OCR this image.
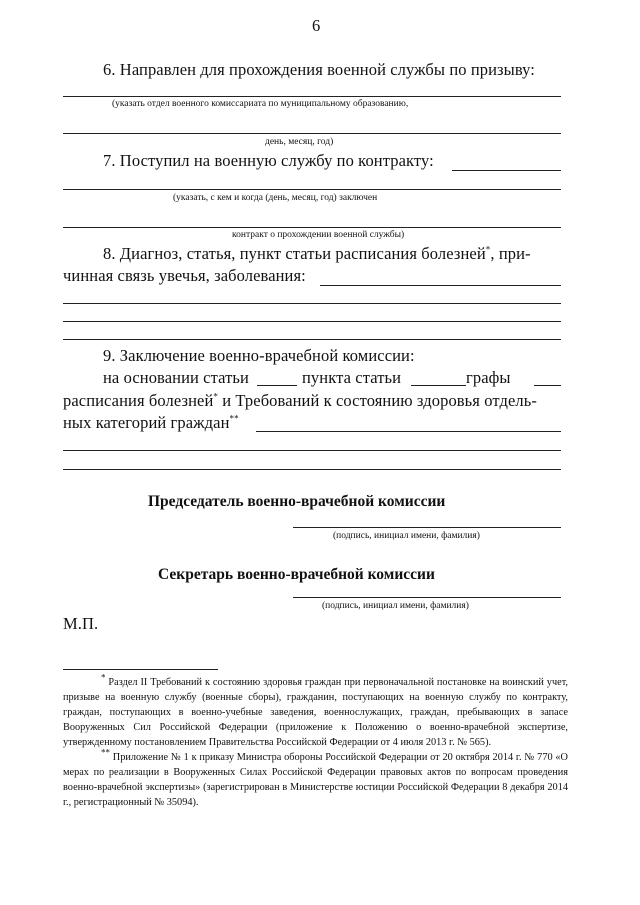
6
6. Направлен для прохождения военной службы по призыву:
(указать отдел военного комиссариата по муниципальному образованию,
день, месяц, год)
7. Поступил на военную службу по контракту:
(указать, с кем и когда (день, месяц, год) заключен
контракт о прохождении военной службы)
8. Диагноз, статья, пункт статьи расписания болезней*, при-
чинная связь увечья, заболевания:
9. Заключение военно-врачебной комиссии:
на основании статьи	пункта статьи	графы
расписания болезней* и Требований к состоянию здоровья отдель-
ных категорий граждан**
Председатель военно-врачебной комиссии
(подпись, инициал имени, фамилия)
Секретарь военно-врачебной комиссии
(подпись, инициал имени, фамилия)
М.П.

* Раздел II Требований к состоянию здоровья граждан при первоначальной постановке на воинский учет, призыве на военную службу (военные сборы), гражданин, поступающих на военную службу по контракту, граждан, поступающих в военно-учебные заведения, военнослужащих, граждан, пребывающих в запасе Вооруженных Сил Российской Федерации (приложение к Положению о военно-врачебной экспертизе, утвержденному постановлением Правительства Российской Федерации от 4 июля 2013 г. № 565).

** Приложение № 1 к приказу Министра обороны Российской Федерации от 20 октября 2014 г. № 770 «О мерах по реализации в Вооруженных Силах Российской Федерации правовых актов по вопросам проведения военно-врачебной экспертизы» (зарегистрирован в Министерстве юстиции Российской Федерации 8 декабря 2014 г., регистрационный № 35094).
